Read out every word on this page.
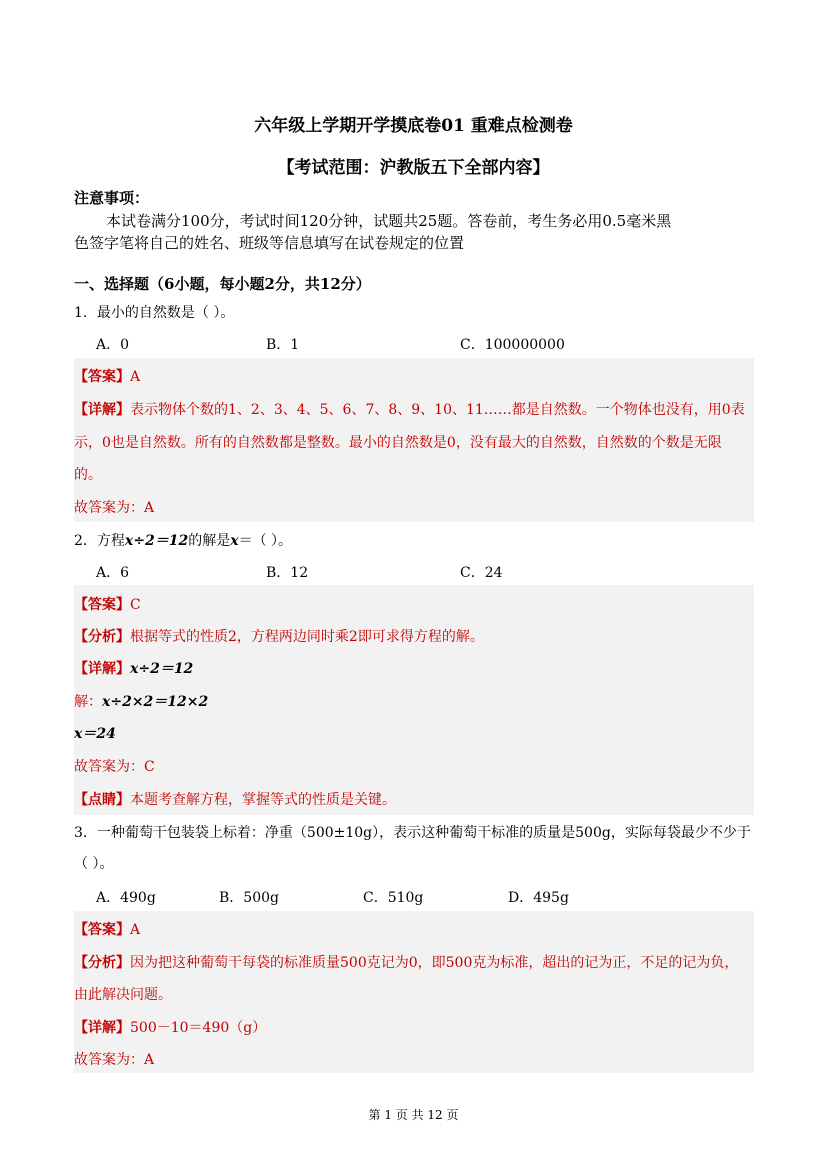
六年级上学期开学摸底卷01 重难点检测卷
【考试范围：沪教版五下全部内容】
注意事项：
本试卷满分100分，考试时间120分钟，试题共25题。答卷前，考生务必用0.5毫米黑
色签字笔将自己的姓名、班级等信息填写在试卷规定的位置
一、选择题（6小题，每小题2分，共12分）
1．最小的自然数是（ ）。
A．0	B．1	C．100000000
【答案】A
【详解】表示物体个数的1、2、3、4、5、6、7、8、9、10、11……都是自然数。一个物体也没有，用0表
示，0也是自然数。所有的自然数都是整数。最小的自然数是0，没有最大的自然数，自然数的个数是无限
的。
故答案为：A
2．方程x÷2＝12的解是x＝（ ）。
A．6	B．12	C．24
【答案】C
【分析】根据等式的性质2，方程两边同时乘2即可求得方程的解。
【详解】x÷2＝12
解：x÷2×2＝12×2
x＝24
故答案为：C
【点睛】本题考查解方程，掌握等式的性质是关键。
3．一种葡萄干包装袋上标着：净重（500±10g），表示这种葡萄干标准的质量是500g，实际每袋最少不少于
（ ）。
A．490g	B．500g	C．510g	D．495g
【答案】A
【分析】因为把这种葡萄干每袋的标准质量500克记为0，即500克为标准，超出的记为正，不足的记为负，
由此解决问题。
【详解】500－10＝490（g）
故答案为：A
第 1 页 共 12 页
